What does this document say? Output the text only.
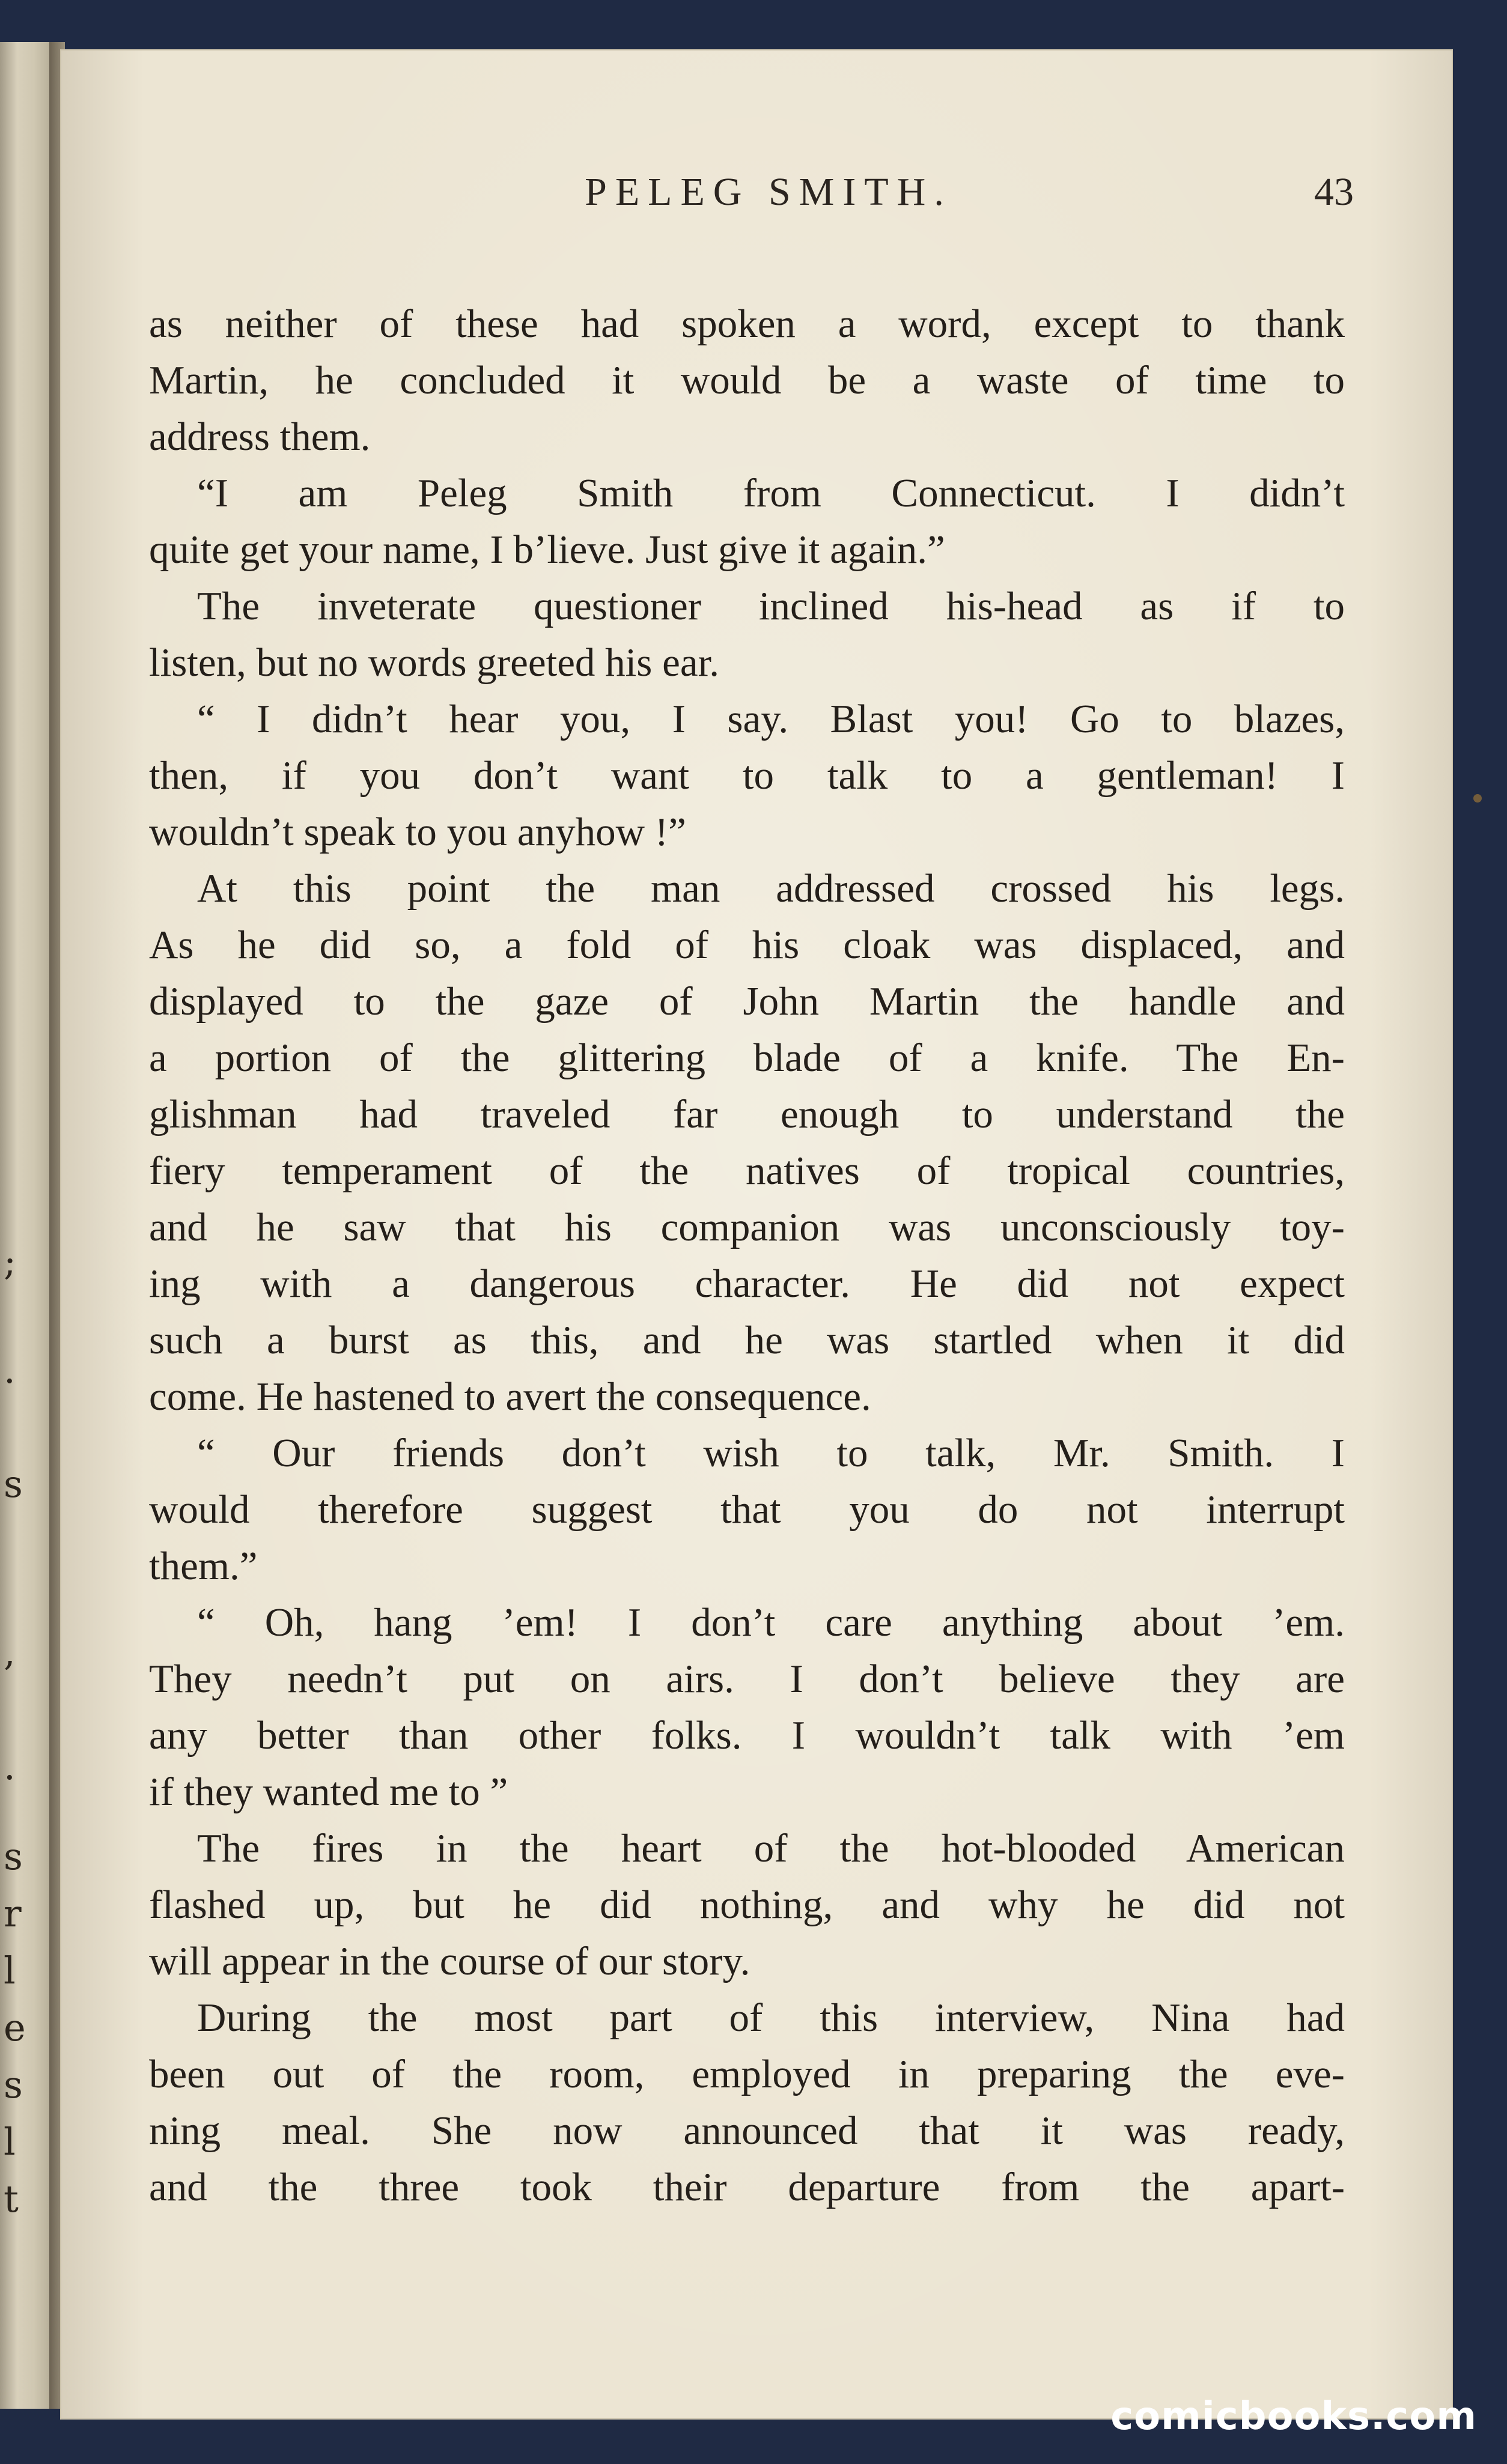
;
.
s
,
.
s
r
l
e
s
l
t
PELEG SMITH.	43
as neither of these had spoken a word, except to thank
Martin, he concluded it would be a waste of time to
address them.
“I am Peleg Smith from Connecticut. I didn’t
quite get your name, I b’lieve. Just give it again.”
The inveterate questioner inclined his-head as if to
listen, but no words greeted his ear.
“ I didn’t hear you, I say. Blast you! Go to blazes,
then, if you don’t want to talk to a gentleman! I
wouldn’t speak to you anyhow !”
At this point the man addressed crossed his legs.
As he did so, a fold of his cloak was displaced, and
displayed to the gaze of John Martin the handle and
a portion of the glittering blade of a knife. The En-
glishman had traveled far enough to understand the
fiery temperament of the natives of tropical countries,
and he saw that his companion was unconsciously toy-
ing with a dangerous character. He did not expect
such a burst as this, and he was startled when it did
come. He hastened to avert the consequence.
“ Our friends don’t wish to talk, Mr. Smith. I
would therefore suggest that you do not interrupt
them.”
“ Oh, hang ’em! I don’t care anything about ’em.
They needn’t put on airs. I don’t believe they are
any better than other folks. I wouldn’t talk with ’em
if they wanted me to ”
The fires in the heart of the hot-blooded American
flashed up, but he did nothing, and why he did not
will appear in the course of our story.
During the most part of this interview, Nina had
been out of the room, employed in preparing the eve-
ning meal. She now announced that it was ready,
and the three took their departure from the apart-
comicbooks.com
